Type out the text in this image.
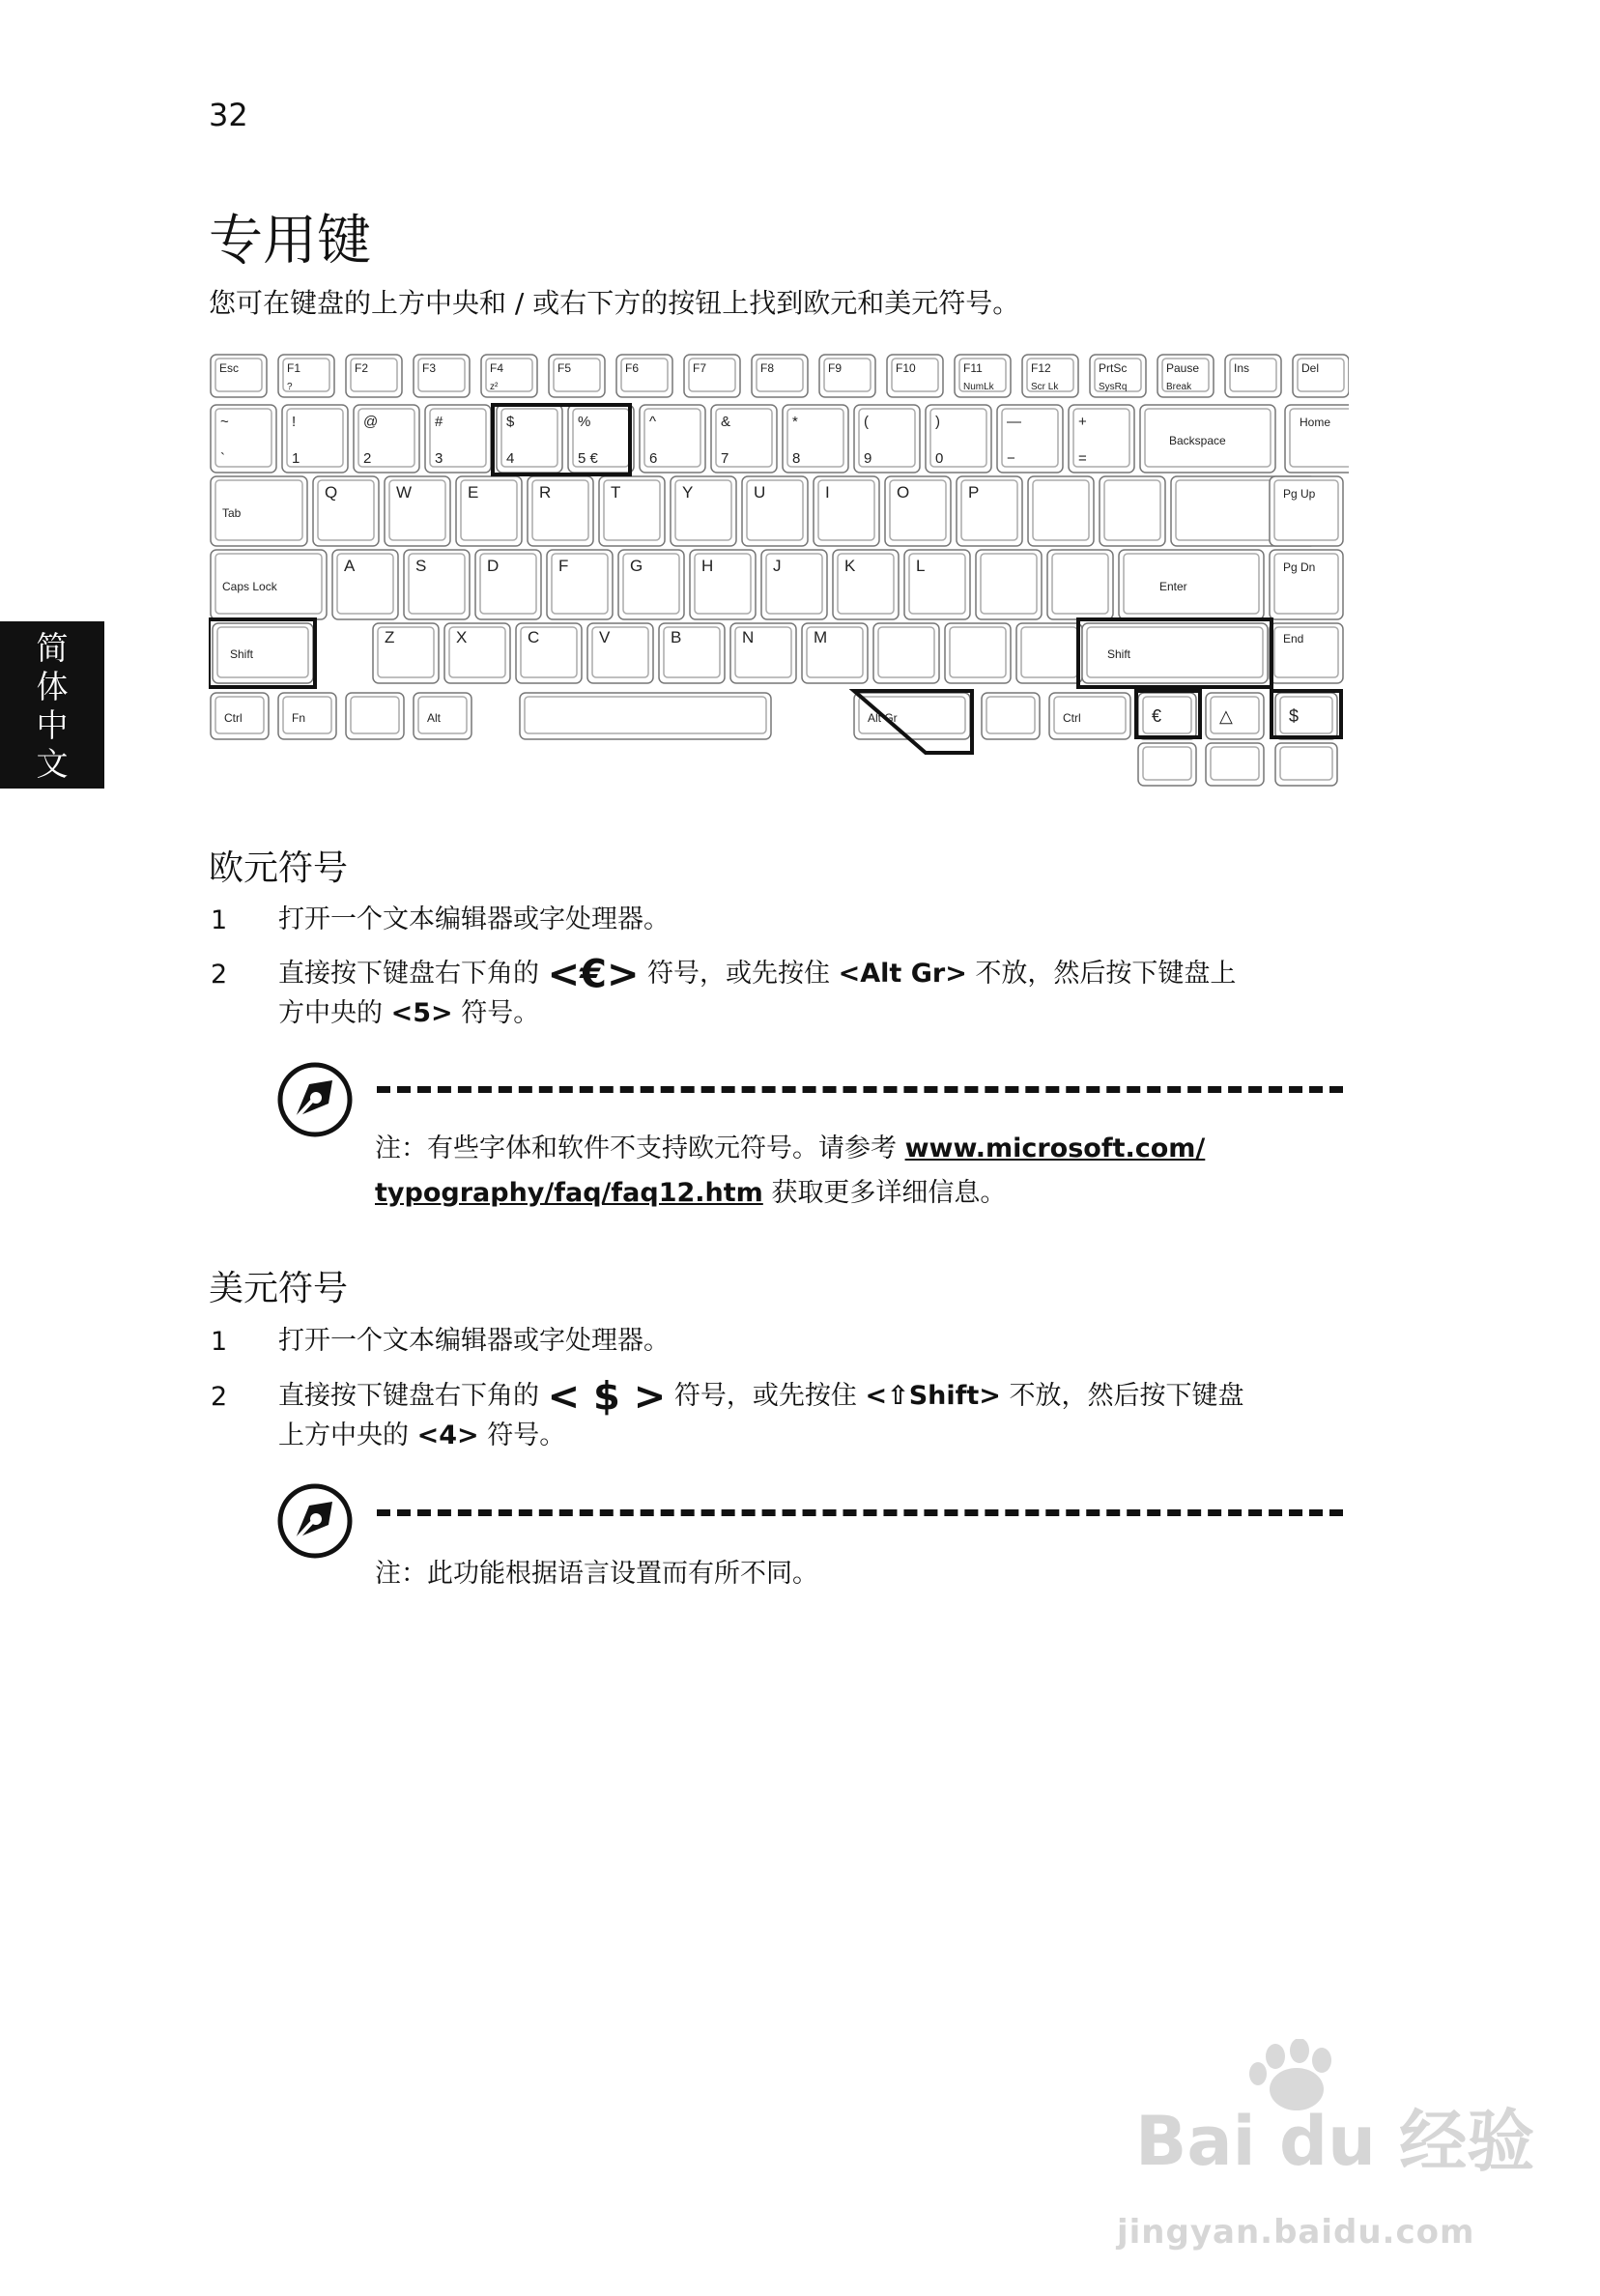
32
专用键
您可在键盘的上方中央和 / 或右下方的按钮上找到欧元和美元符号。
简体中文
Esc	F1
?
F2	F3	F4
z²
F5	F6	F7	F8	F9	F10	F11
NumLk
F12
Scr Lk
PrtSc
SysRq
Pause
Break
Ins	Del
~
`
!
1
@
2
#
3
$
4
%
5 €
^
6
&
7
*
8
(
9
)
0
—
−
+
=
Backspace
Home
Tab
Q	W	E	R	T	Y	U	I	O	P	Pg Up
Caps Lock
A	S	D	F	G	H	J	K	L
Enter
Pg Dn
Shift
Z	X	C	V	B	N	M
Shift
End
Ctrl	Fn	Alt	Alt Gr	Ctrl	€	△	$
欧元符号
1 打开一个文本编辑器或字处理器。
2 直接按下键盘右下角的 <€> 符号，或先按住 <Alt Gr> 不放，然后按下键盘上
方中央的 <5> 符号。
注：有些字体和软件不支持欧元符号。请参考 www.microsoft.com/
typography/faq/faq12.htm 获取更多详细信息。
美元符号
1 打开一个文本编辑器或字处理器。
2 直接按下键盘右下角的 < $ > 符号，或先按住 <⇧Shift> 不放，然后按下键盘
上方中央的 <4> 符号。
注：此功能根据语言设置而有所不同。
Bai du 经验
jingyan.baidu.com
